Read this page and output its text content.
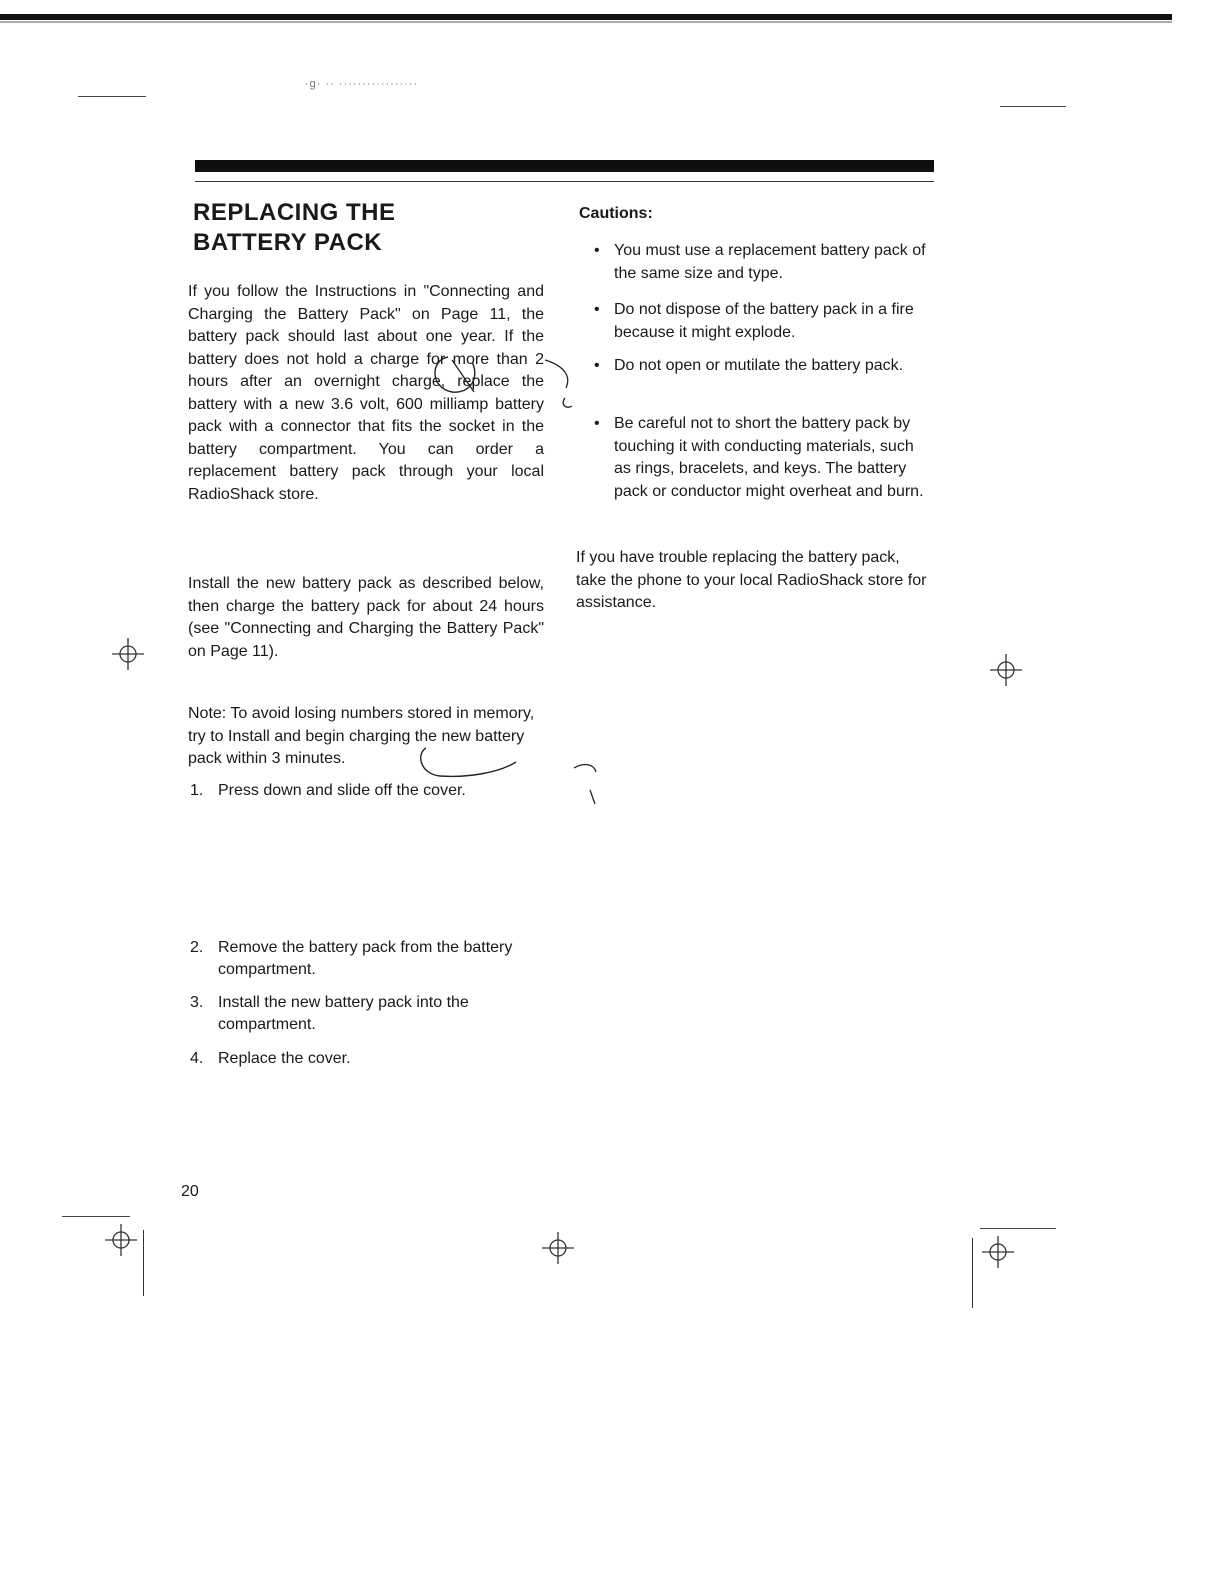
·g· ·· ·················
REPLACING THE
BATTERY PACK

If you follow the Instructions in "Connecting and Charging the Battery Pack" on Page 11, the battery pack should last about one year. If the battery does not hold a charge for more than 2 hours after an overnight charge, replace the battery with a new 3.6 volt, 600 milliamp battery pack with a connector that fits the socket in the battery compartment. You can order a replacement battery pack through your local RadioShack store.

Install the new battery pack as described below, then charge the battery pack for about 24 hours (see "Connecting and Charging the Battery Pack" on Page 11).

Note: To avoid losing numbers stored in memory, try to Install and begin charging the new battery pack within 3 minutes.

1. Press down and slide off the cover.
2. Remove the battery pack from the battery compartment.
3. Install the new battery pack into the compartment.
4. Replace the cover.
Cautions:
• You must use a replacement battery pack of the same size and type.
• Do not dispose of the battery pack in a fire because it might explode.
• Do not open or mutilate the battery pack.
• Be careful not to short the battery pack by touching it with conducting materials, such as rings, bracelets, and keys. The battery pack or conductor might overheat and burn.

If you have trouble replacing the battery pack, take the phone to your local RadioShack store for assistance.

20
